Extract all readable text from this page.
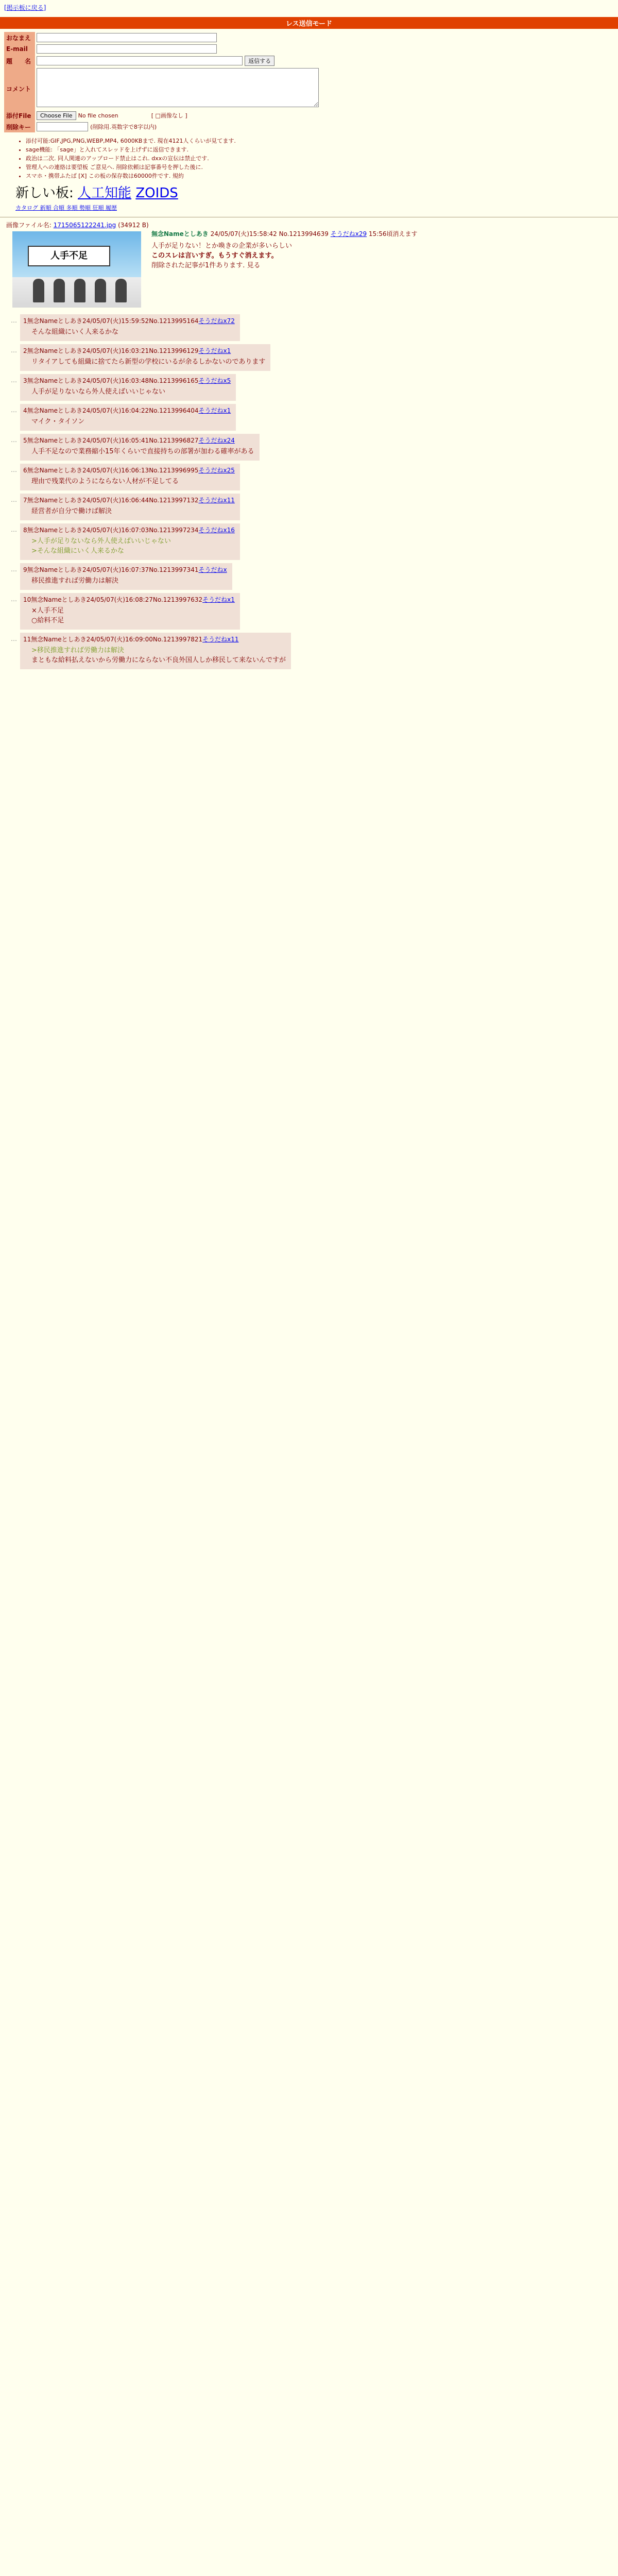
[掲示板に戻る]
レス送信モード
おなまえ	
E-mail	
題　　名	返信する
コメント	
添付File	Choose File No file chosen [ □画像なし ]
削除キー	(削除用.英数字で8字以内)
• 添付可能:GIF,JPG,PNG,WEBP,MP4, 6000KBまで. 現在4121人くらいが見てます.
• sage機能: 「sage」と入れてスレッドを上げずに返信できます.
• 政治は二次. 同人関連のアップロード禁止はこれ. dxxの宣伝は禁止です.
• 管理人への連絡は要望板 ご意見へ. 削除依頼は記事番号を押した後に.
• スマホ・携帯ふたば [X] この板の保存数は60000件です. 規約
新しい板: 人工知能 ZOIDS
カタログ 新順 合順 多順 勢順 狂順 履歴
画像ファイル名: 1715065122241.jpg (34912 B)
人手不足
無念Nameとしあき 24/05/07(火)15:58:42 No.1213994639 そうだねx29 15:56頃消えます
人手が足りない！とか喚きの企業が多いらしい
このスレは言いすぎ。もうすぐ消えます。
削除された記事が1件あります. 見る
…	1無念Nameとしあき24/05/07(火)15:59:52No.1213995164そうだねx72
そんな組織にいく人来るかな
…	2無念Nameとしあき24/05/07(火)16:03:21No.1213996129そうだねx1
リタイアしても組織に捨てたら新型の学校にいるが余るしかないのであります
…	3無念Nameとしあき24/05/07(火)16:03:48No.1213996165そうだねx5
人手が足りないなら外人使えばいいじゃない
…	4無念Nameとしあき24/05/07(火)16:04:22No.1213996404そうだねx1
マイク・タイソン
…	5無念Nameとしあき24/05/07(火)16:05:41No.1213996827そうだねx24
人手不足なので業務縮小15年くらいで直接持ちの部署が加わる確率がある
…	6無念Nameとしあき24/05/07(火)16:06:13No.1213996995そうだねx25
理由で残業代のようにならない人材が不足してる
…	7無念Nameとしあき24/05/07(火)16:06:44No.1213997132そうだねx11
経営者が自分で働けば解決
…	8無念Nameとしあき24/05/07(火)16:07:03No.1213997234そうだねx16
>人手が足りないなら外人使えばいいじゃない
>そんな組織にいく人来るかな
…	9無念Nameとしあき24/05/07(火)16:07:37No.1213997341そうだねx
移民推進すれば労働力は解決
…	10無念Nameとしあき24/05/07(火)16:08:27No.1213997632そうだねx1
×人手不足
○給料不足
…	11無念Nameとしあき24/05/07(火)16:09:00No.1213997821そうだねx11
>移民推進すれば労働力は解決
まともな給料払えないから労働力にならない不良外国人しか移民して来ないんですが
